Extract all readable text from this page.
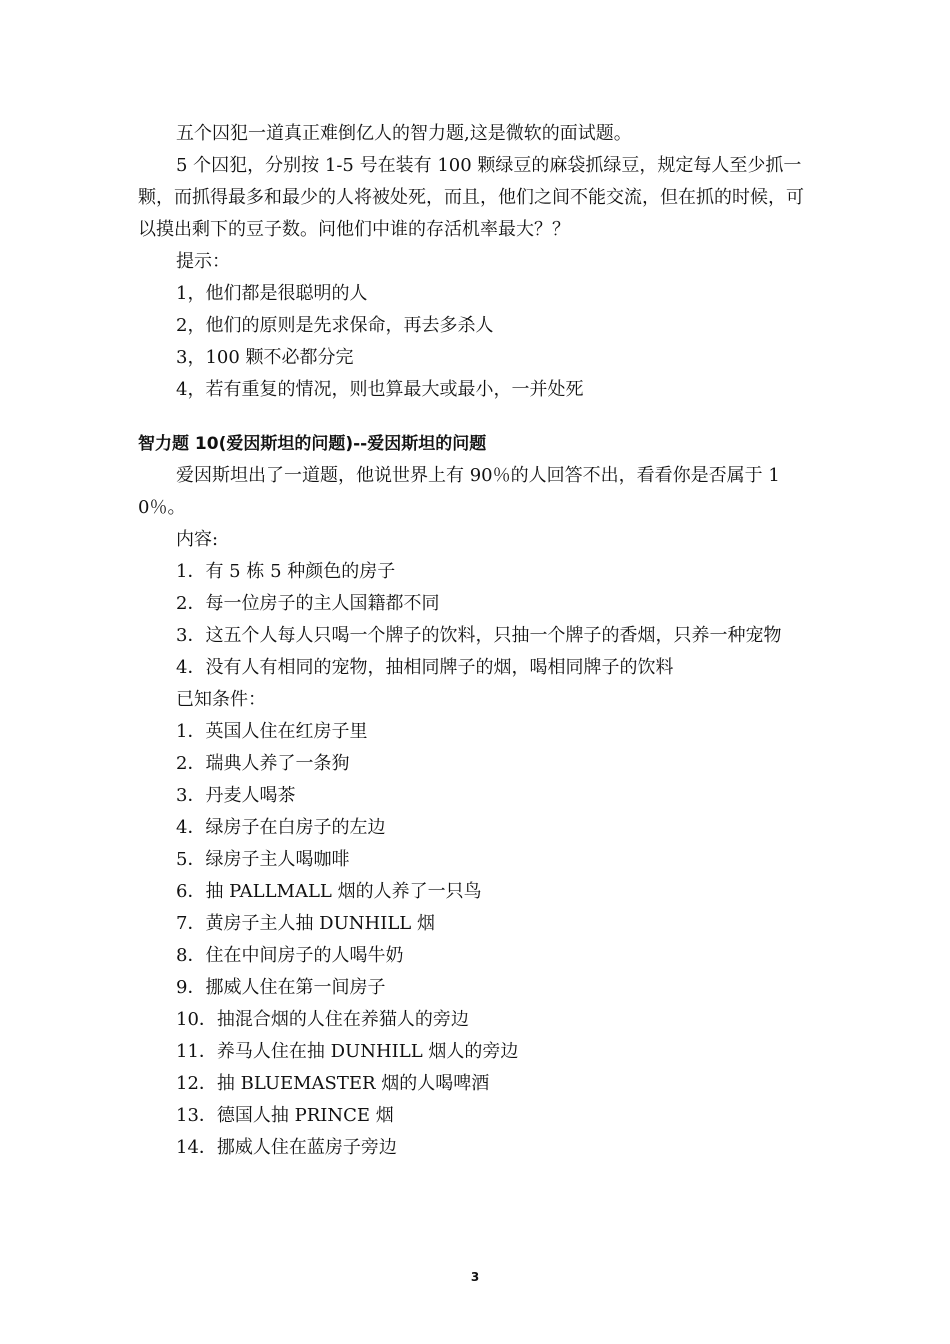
五个囚犯一道真正难倒亿人的智力题,这是微软的面试题。

5 个囚犯，分别按 1-5 号在装有 100 颗绿豆的麻袋抓绿豆，规定每人至少抓一颗，而抓得最多和最少的人将被处死，而且，他们之间不能交流，但在抓的时候，可以摸出剩下的豆子数。问他们中谁的存活机率最大？？

提示：

1，他们都是很聪明的人

2，他们的原则是先求保命，再去多杀人

3，100 颗不必都分完

4，若有重复的情况，则也算最大或最小，一并处死

智力题 10(爱因斯坦的问题)--爱因斯坦的问题

爱因斯坦出了一道题，他说世界上有 90％的人回答不出，看看你是否属于 10％。

内容:

1．有 5 栋 5 种颜色的房子

2．每一位房子的主人国籍都不同

3．这五个人每人只喝一个牌子的饮料，只抽一个牌子的香烟，只养一种宠物

4．没有人有相同的宠物，抽相同牌子的烟，喝相同牌子的饮料

已知条件：

1．英国人住在红房子里

2．瑞典人养了一条狗

3．丹麦人喝茶

4．绿房子在白房子的左边

5．绿房子主人喝咖啡

6．抽 PALLMALL 烟的人养了一只鸟

7．黄房子主人抽 DUNHILL 烟

8．住在中间房子的人喝牛奶

9．挪威人住在第一间房子

10．抽混合烟的人住在养猫人的旁边

11．养马人住在抽 DUNHILL 烟人的旁边

12．抽 BLUEMASTER 烟的人喝啤酒

13．德国人抽 PRINCE 烟

14．挪威人住在蓝房子旁边

3
